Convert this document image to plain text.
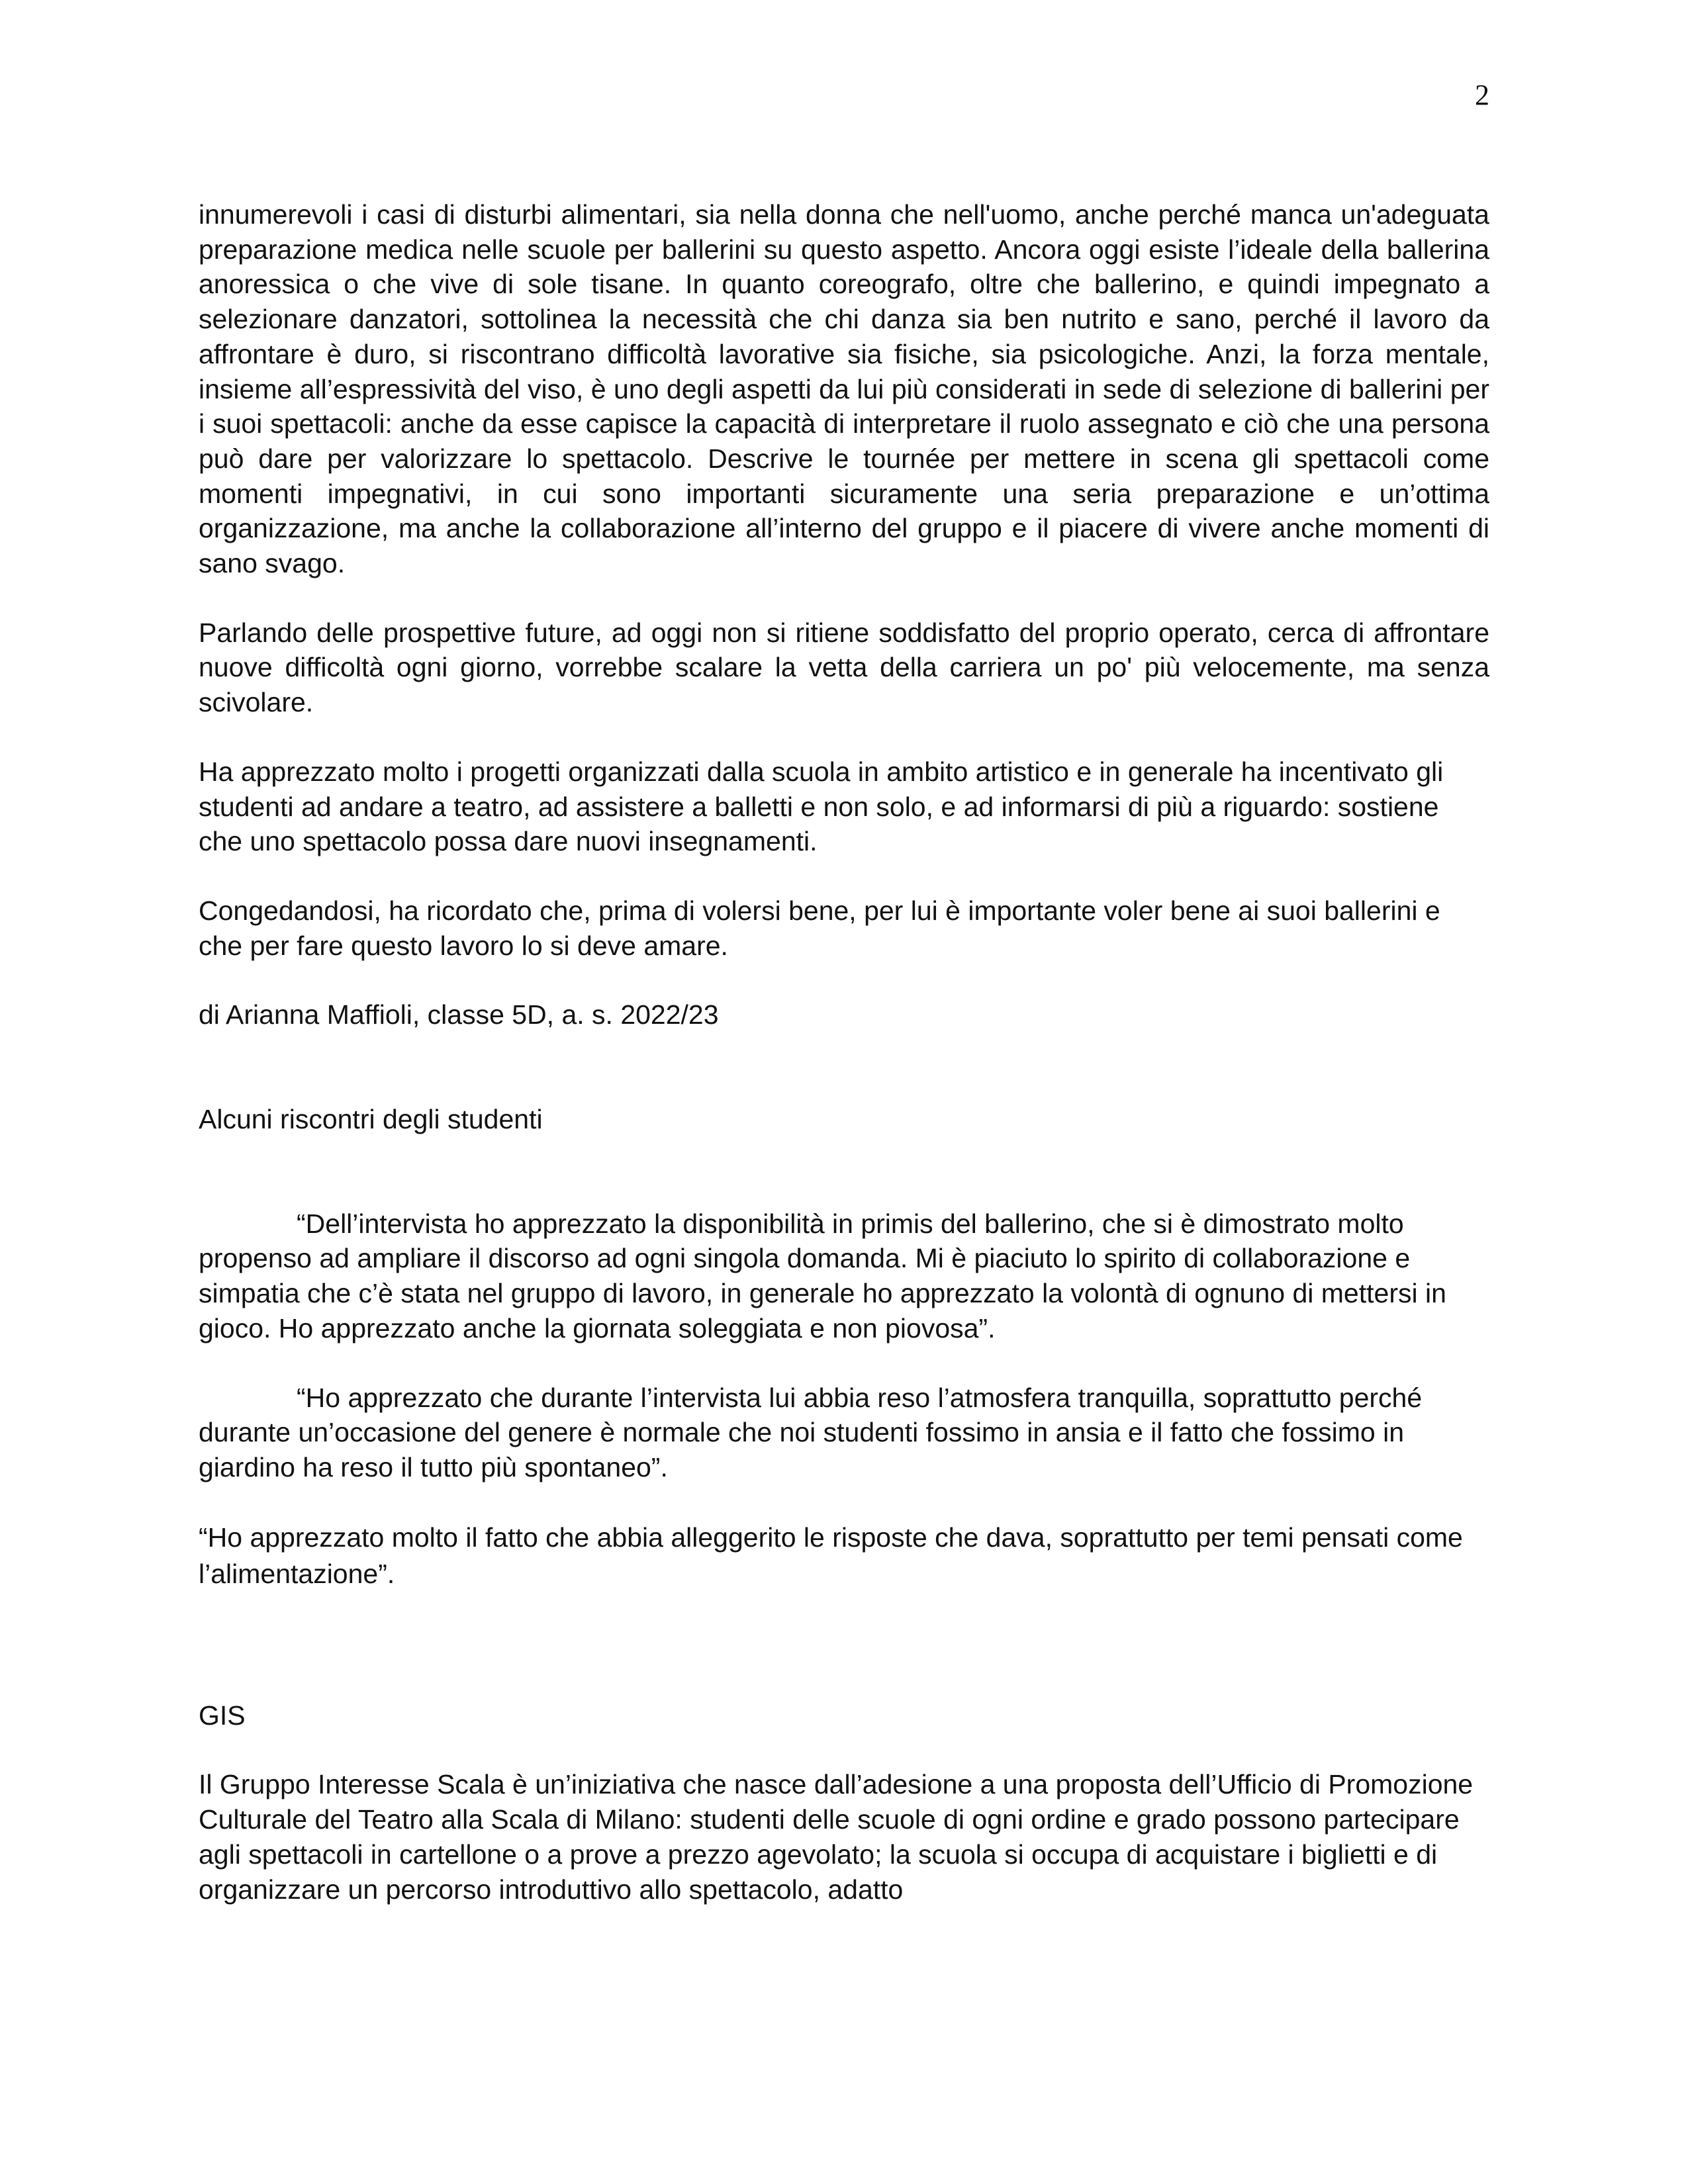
2

innumerevoli i casi di disturbi alimentari, sia nella donna che nell'uomo, anche perché manca un'adeguata preparazione medica nelle scuole per ballerini su questo aspetto. Ancora oggi esiste l’ideale della ballerina anoressica o che vive di sole tisane. In quanto coreografo, oltre che ballerino, e quindi impegnato a selezionare danzatori, sottolinea la necessità che chi danza sia ben nutrito e sano, perché il lavoro da affrontare è duro, si riscontrano difficoltà lavorative sia fisiche, sia psicologiche. Anzi, la forza mentale, insieme all’espressività del viso, è uno degli aspetti da lui più considerati in sede di selezione di ballerini per i suoi spettacoli: anche da esse capisce la capacità di interpretare il ruolo assegnato e ciò che una persona può dare per valorizzare lo spettacolo. Descrive le tournée per mettere in scena gli spettacoli come momenti impegnativi, in cui sono importanti sicuramente una seria preparazione e un’ottima organizzazione, ma anche la collaborazione all’interno del gruppo e il piacere di vivere anche momenti di sano svago.

Parlando delle prospettive future, ad oggi non si ritiene soddisfatto del proprio operato, cerca di affrontare nuove difficoltà ogni giorno, vorrebbe scalare la vetta della carriera un po' più velocemente, ma senza scivolare.

Ha apprezzato molto i progetti organizzati dalla scuola in ambito artistico e in generale ha incentivato gli studenti ad andare a teatro, ad assistere a balletti e non solo, e ad informarsi di più a riguardo: sostiene che uno spettacolo possa dare nuovi insegnamenti.

Congedandosi, ha ricordato che, prima di volersi bene, per lui è importante voler bene ai suoi ballerini e che per fare questo lavoro lo si deve amare.

di Arianna Maffioli, classe 5D, a. s. 2022/23

Alcuni riscontri degli studenti

“Dell’intervista ho apprezzato la disponibilità in primis del ballerino, che si è dimostrato molto propenso ad ampliare il discorso ad ogni singola domanda. Mi è piaciuto lo spirito di collaborazione e simpatia che c’è stata nel gruppo di lavoro, in generale ho apprezzato la volontà di ognuno di mettersi in gioco. Ho apprezzato anche la giornata soleggiata e non piovosa”.

“Ho apprezzato che durante l’intervista lui abbia reso l’atmosfera tranquilla, soprattutto perché durante un’occasione del genere è normale che noi studenti fossimo in ansia e il fatto che fossimo in giardino ha reso il tutto più spontaneo”.

“Ho apprezzato molto il fatto che abbia alleggerito le risposte che dava, soprattutto per temi pensati come l’alimentazione”.

GIS

Il Gruppo Interesse Scala è un’iniziativa che nasce dall’adesione a una proposta dell’Ufficio di Promozione Culturale del Teatro alla Scala di Milano: studenti delle scuole di ogni ordine e grado possono partecipare agli spettacoli in cartellone o a prove a prezzo agevolato; la scuola si occupa di acquistare i biglietti e di organizzare un percorso introduttivo allo spettacolo, adatto
